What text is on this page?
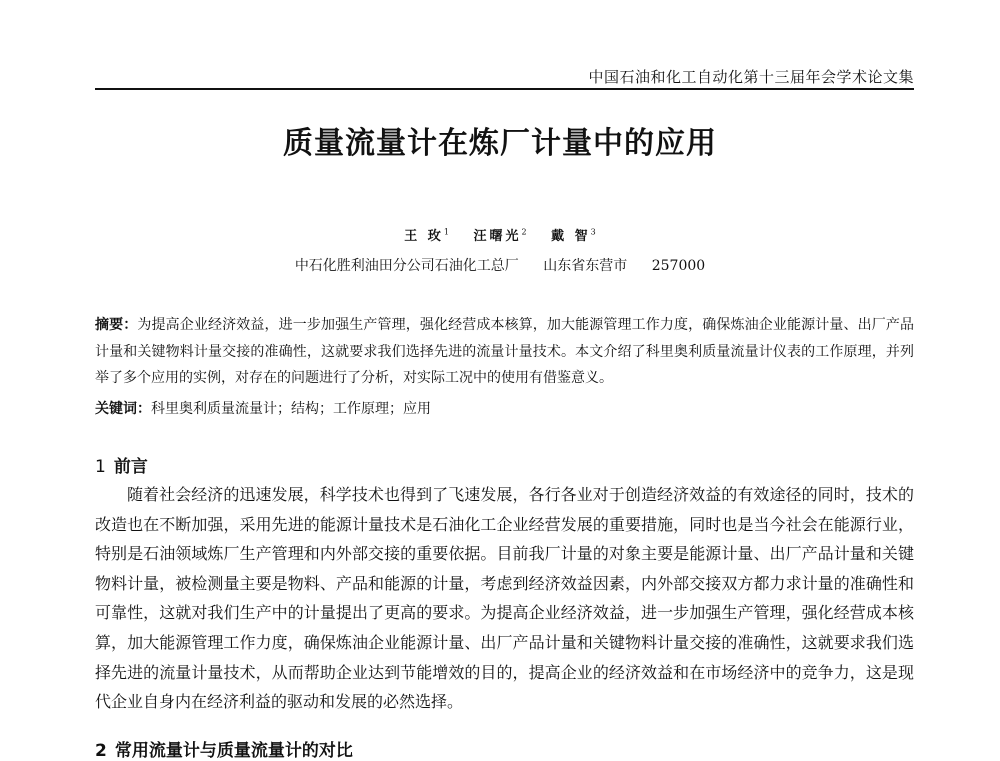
中国石油和化工自动化第十三届年会学术论文集
质量流量计在炼厂计量中的应用
王 玫$^1$ 汪曙光$^2$ 戴 智$^3$
中石化胜利油田分公司石油化工总厂 山东省东营市 257000
摘要：为提高企业经济效益，进一步加强生产管理，强化经营成本核算，加大能源管理工作力度，确保炼油企业能源计量、出厂产品计量和关键物料计量交接的准确性，这就要求我们选择先进的流量计量技术。本文介绍了科里奥利质量流量计仪表的工作原理，并列举了多个应用的实例，对存在的问题进行了分析，对实际工况中的使用有借鉴意义。
关键词：科里奥利质量流量计；结构；工作原理；应用
1 前言

随着社会经济的迅速发展，科学技术也得到了飞速发展，各行各业对于创造经济效益的有效途径的同时，技术的改造也在不断加强，采用先进的能源计量技术是石油化工企业经营发展的重要措施，同时也是当今社会在能源行业，特别是石油领域炼厂生产管理和内外部交接的重要依据。目前我厂计量的对象主要是能源计量、出厂产品计量和关键物料计量，被检测量主要是物料、产品和能源的计量，考虑到经济效益因素，内外部交接双方都力求计量的准确性和可靠性，这就对我们生产中的计量提出了更高的要求。为提高企业经济效益，进一步加强生产管理，强化经营成本核算，加大能源管理工作力度，确保炼油企业能源计量、出厂产品计量和关键物料计量交接的准确性，这就要求我们选择先进的流量计量技术，从而帮助企业达到节能增效的目的，提高企业的经济效益和在市场经济中的竞争力，这是现代企业自身内在经济利益的驱动和发展的必然选择。

2 常用流量计与质量流量计的对比
